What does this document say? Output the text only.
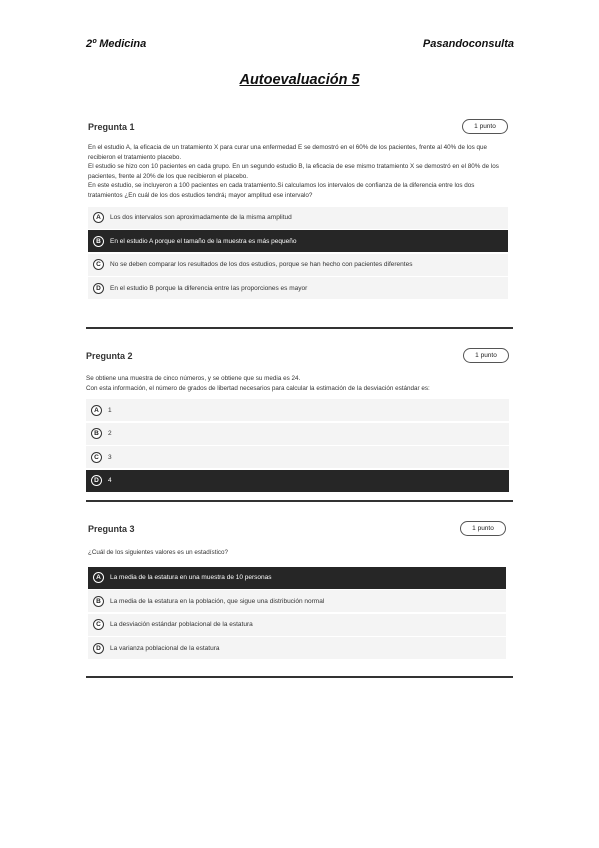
2º Medicina	Pasandoconsulta
Autoevaluación 5
Pregunta 1	1 punto

En el estudio A, la eficacia de un tratamiento X para curar una enfermedad E se demostró en el 60% de los pacientes, frente al 40% de los que recibieron el tratamiento placebo.

El estudio se hizo con 10 pacientes en cada grupo. En un segundo estudio B, la eficacia de ese mismo tratamiento X se demostró en el 80% de los pacientes, frente al 20% de los que recibieron el placebo.

En este estudio, se incluyeron a 100 pacientes en cada tratamiento.Si calculamos los intervalos de confianza de la diferencia entre los dos tratamientos ¿En cuál de los dos estudios tendrá¡ mayor amplitud ese intervalo?

A	Los dos intervalos son aproximadamente de la misma amplitud
B	En el estudio A porque el tamaño de la muestra es más pequeño
C	No se deben comparar los resultados de los dos estudios, porque se han hecho con pacientes diferentes
D	En el estudio B porque la diferencia entre las proporciones es mayor
Pregunta 2	1 punto

Se obtiene una muestra de cinco números, y se obtiene que su media es 24.

Con esta información, el número de grados de libertad necesarios para calcular la estimación de la desviación estándar es:

A	1
B	2
C	3
D	4
Pregunta 3	1 punto

¿Cuál de los siguientes valores es un estadístico?

A	La media de la estatura en una muestra de 10 personas
B	La media de la estatura en la población, que sigue una distribución normal
C	La desviación estándar poblacional de la estatura
D	La varianza poblacional de la estatura
